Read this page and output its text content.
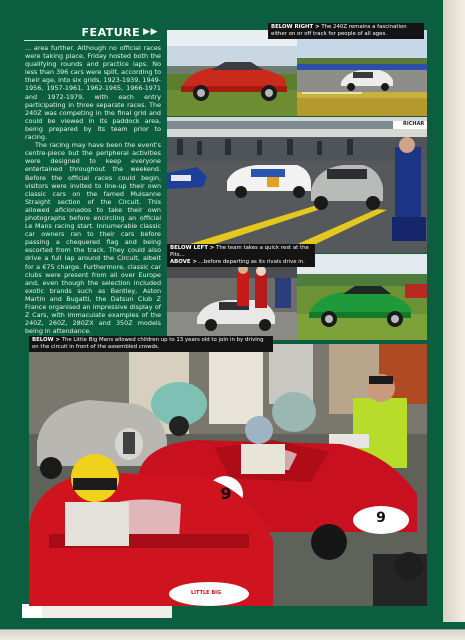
FEATURE ▶▶

... area further. Although no official races were taking place, Friday hosted both the qualifying rounds and practice laps. No less than 396 cars were split, according to their age, into six grids, 1923-1939, 1949-1956, 1957-1961, 1962-1965, 1966-1971 and 1972-1979, with each entry participating in three separate races. The 240Z was competing in the final grid and could be viewed in its paddock area, being prepared by its team prior to racing.

The racing may have been the event's centre-piece but the peripheral activities were designed to keep everyone entertained throughout the weekend. Before the official races could begin, visitors were invited to line-up their own classic cars on the famed Mulsanne Straight section of the Circuit. This allowed aficionados to take their own photographs before encircling an official Le Mans racing start. Innumerable classic car owners ran to their cars before passing a chequered flag and being escorted from the track. They could also drive a full lap around the Circuit, albeit for a €75 charge. Furthermore, classic car clubs were present from all over Europe and, even though the selection included exotic brands such as Bentley, Aston Martin and Bugatti, the Datsun Club Z France organised an impressive display of Z Cars, with immaculate examples of the 240Z, 260Z, 280ZX and 350Z models being in attendance.

BELOW RIGHT > The 240Z remains a fascination either on or off track for people of all ages.
RICHAR
BELOW LEFT > The team takes a quick rest at the Pits...
ABOVE > ...before departing as its rivals drive in.
9
9
LITTLE BIG
BELOW > The Little Big Mans allowed children up to 13 years old to join in by driving on the circuit in front of the assembled crowds.
